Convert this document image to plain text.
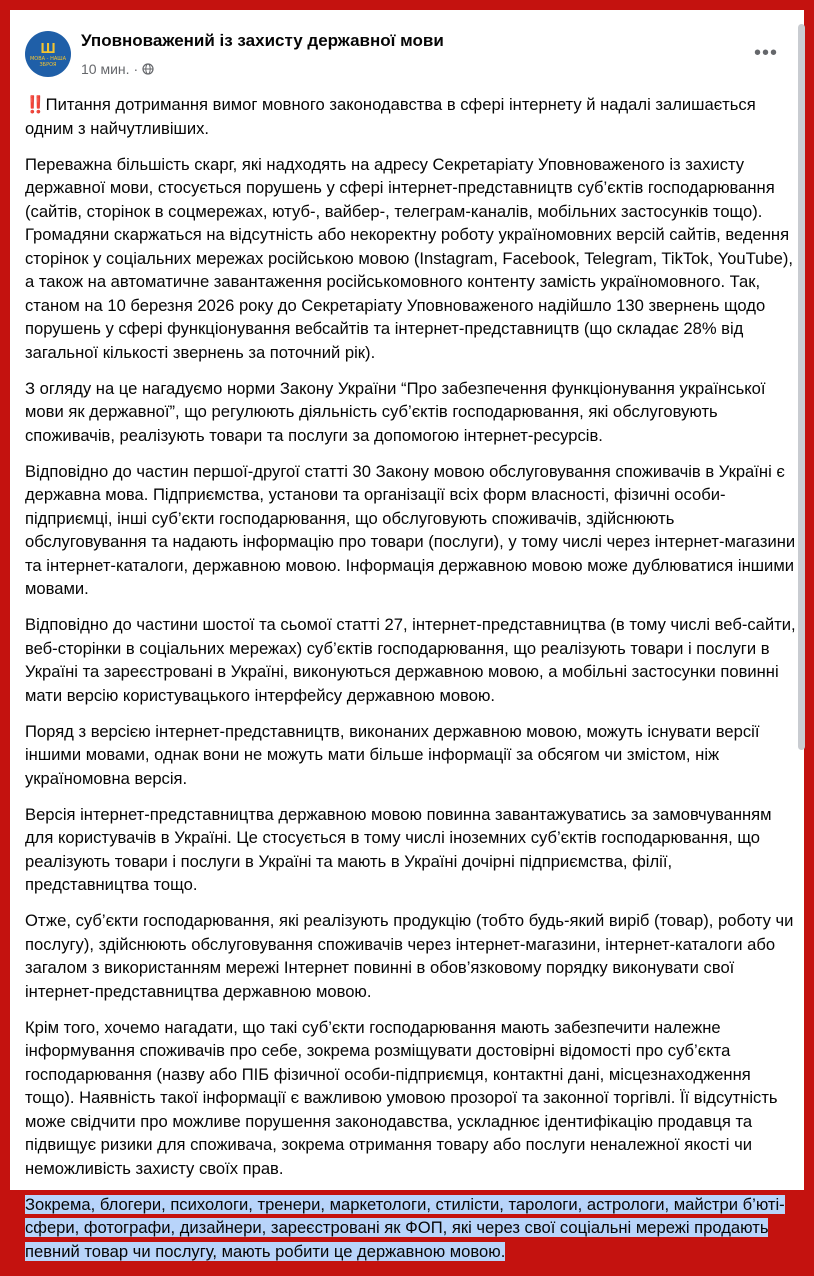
Ш
МОВА - НАША ЗБРОЯ
Уповноважений із захисту державної мови
10 мин. ·
•••

‼️Питання дотримання вимог мовного законодавства в сфері інтернету й надалі залишається одним з найчутливіших.

Переважна більшість скарг, які надходять на адресу Секретаріату Уповноваженого із захисту державної мови, стосується порушень у сфері інтернет-представництв суб’єктів господарювання (сайтів, сторінок в соцмережах, ютуб-, вайбер-, телеграм-каналів, мобільних застосунків тощо). Громадяни скаржаться на відсутність або некоректну роботу україномовних версій сайтів, ведення сторінок у соціальних мережах російською мовою (Instagram, Facebook, Telegram, TikTok, YouTube), а також на автоматичне завантаження російськомовного контенту замість україномовного. Так, станом на 10 березня 2026 року до Секретаріату Уповноваженого надійшло 130 звернень щодо порушень у сфері функціонування вебсайтів та інтернет-представництв (що складає 28% від загальної кількості звернень за поточний рік).

З огляду на це нагадуємо норми Закону України “Про забезпечення функціонування української мови як державної”, що регулюють діяльність суб’єктів господарювання, які обслуговують споживачів, реалізують товари та послуги за допомогою інтернет-ресурсів.

Відповідно до частин першої-другої статті 30 Закону мовою обслуговування споживачів в Україні є державна мова. Підприємства, установи та організації всіх форм власності, фізичні особи-підприємці, інші суб’єкти господарювання, що обслуговують споживачів, здійснюють обслуговування та надають інформацію про товари (послуги), у тому числі через інтернет-магазини та інтернет-каталоги, державною мовою. Інформація державною мовою може дублюватися іншими мовами.

Відповідно до частини шостої та сьомої статті 27, інтернет-представництва (в тому числі веб-сайти, веб-сторінки в соціальних мережах) суб’єктів господарювання, що реалізують товари і послуги в Україні та зареєстровані в Україні, виконуються державною мовою, а мобільні застосунки повинні мати версію користувацького інтерфейсу державною мовою.

Поряд з версією інтернет-представництв, виконаних державною мовою, можуть існувати версії іншими мовами, однак вони не можуть мати більше інформації за обсягом чи змістом, ніж україномовна версія.

Версія інтернет-представництва державною мовою повинна завантажуватись за замовчуванням для користувачів в Україні. Це стосується в тому числі іноземних суб’єктів господарювання, що реалізують товари і послуги в Україні та мають в Україні дочірні підприємства, філії, представництва тощо.

Отже, суб’єкти господарювання, які реалізують продукцію (тобто будь-який виріб (товар), роботу чи послугу), здійснюють обслуговування споживачів через інтернет-магазини, інтернет-каталоги або загалом з використанням мережі Інтернет повинні в обов’язковому порядку виконувати свої інтернет-представництва державною мовою.

Крім того, хочемо нагадати, що такі суб’єкти господарювання мають забезпечити належне інформування споживачів про себе, зокрема розміщувати достовірні відомості про суб’єкта господарювання (назву або ПІБ фізичної особи-підприємця, контактні дані, місцезнаходження тощо). Наявність такої інформації є важливою умовою прозорої та законної торгівлі. Її відсутність може свідчити про можливе порушення законодавства, ускладнює ідентифікацію продавця та підвищує ризики для споживача, зокрема отримання товару або послуги неналежної якості чи неможливість захисту своїх прав.

Зокрема, блогери, психологи, тренери, маркетологи, стилісти, тарологи, астрологи, майстри б’юті-сфери, фотографи, дизайнери, зареєстровані як ФОП, які через свої соціальні мережі продають певний товар чи послугу, мають робити це державною мовою.
